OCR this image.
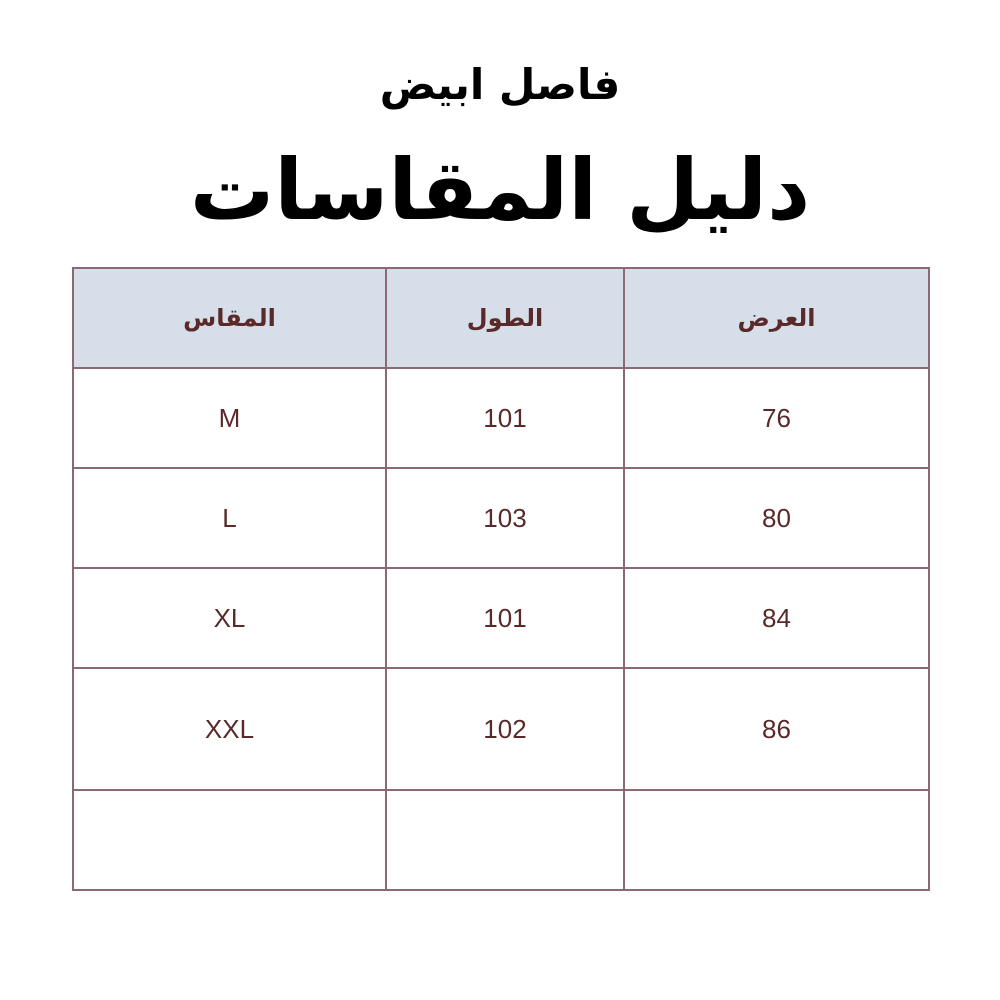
فاصل ابيض
دليل المقاسات
المقاس	الطول	العرض
M	101	76
L	103	80
XL	101	84
XXL	102	86
